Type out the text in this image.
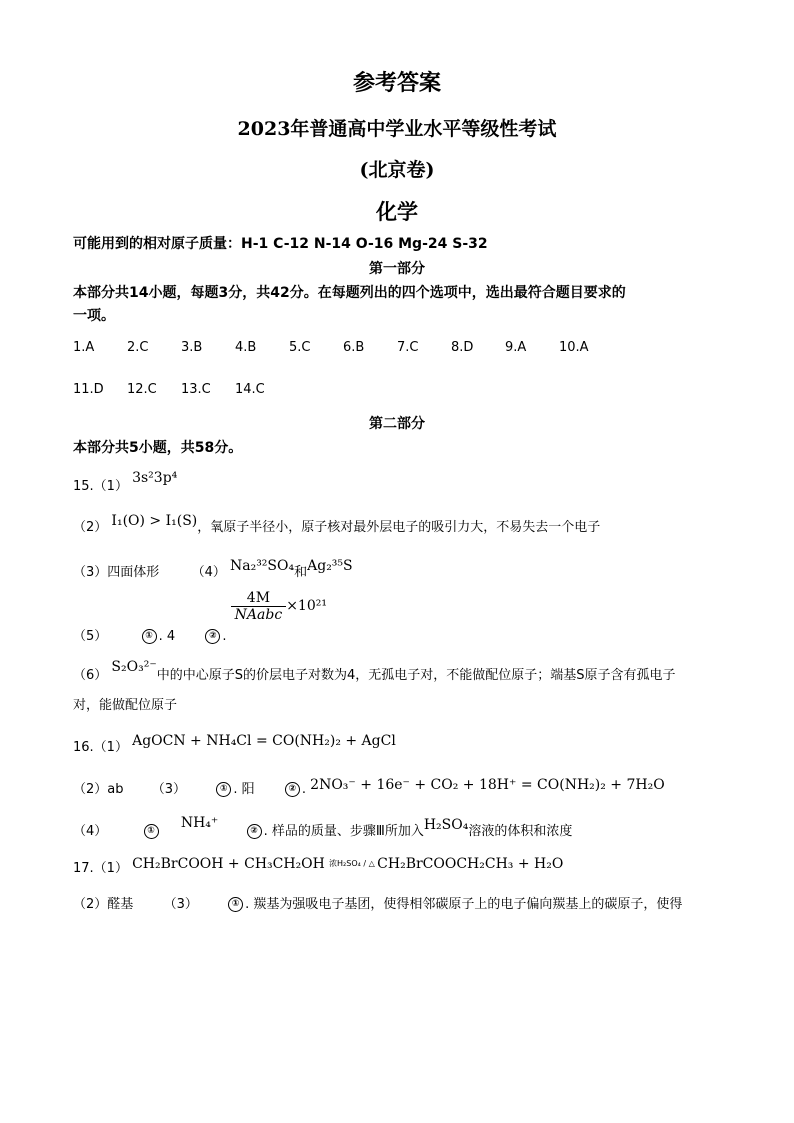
参考答案
2023年普通高中学业水平等级性考试
(北京卷)
化学
可能用到的相对原子质量：H-1 C-12 N-14 O-16 Mg-24 S-32
第一部分
本部分共14小题，每题3分，共42分。在每题列出的四个选项中，选出最符合题目要求的
一项。
1.A	2.C	3.B	4.B	5.C	6.B	7.C	8.D 9.A	10.A
11.D 12.C 13.C 14.C
第二部分
本部分共5小题，共58分。
15.（1） 3s²3p⁴
（2） I₁(O) > I₁(S)，氧原子半径小，原子核对最外层电子的吸引力大，不易失去一个电子
（3）四面体形 （4） Na₂³²SO₄和Ag₂³⁵S
（5）	① . 4	② .
$\frac{4M}{\text{NAabc}} \times 10^{21}$
（6） S₂O₃²⁻中的中心原子S的价层电子对数为4，无孤电子对，不能做配位原子；端基S原子含有孤电子
对，能做配位原子
16.（1） AgOCN + NH₄Cl = CO(NH₂)₂ + AgCl
（2）ab （3）	① . 阳	② . 2NO₃⁻ + 16e⁻ + CO₂ + 18H⁺ = CO(NH₂)₂ + 7H₂O
（4）	① NH₄⁺	② . 样品的质量、步骤Ⅲ所加入H₂SO₄溶液的体积和浓度
17.（1） CH₂BrCOOH + CH₃CH₂OH 浓H₂SO₄ / △ CH₂BrCOOCH₂CH₃ + H₂O
（2）醛基 （3）	① . 羰基为强吸电子基团，使得相邻碳原子上的电子偏向羰基上的碳原子，使得
